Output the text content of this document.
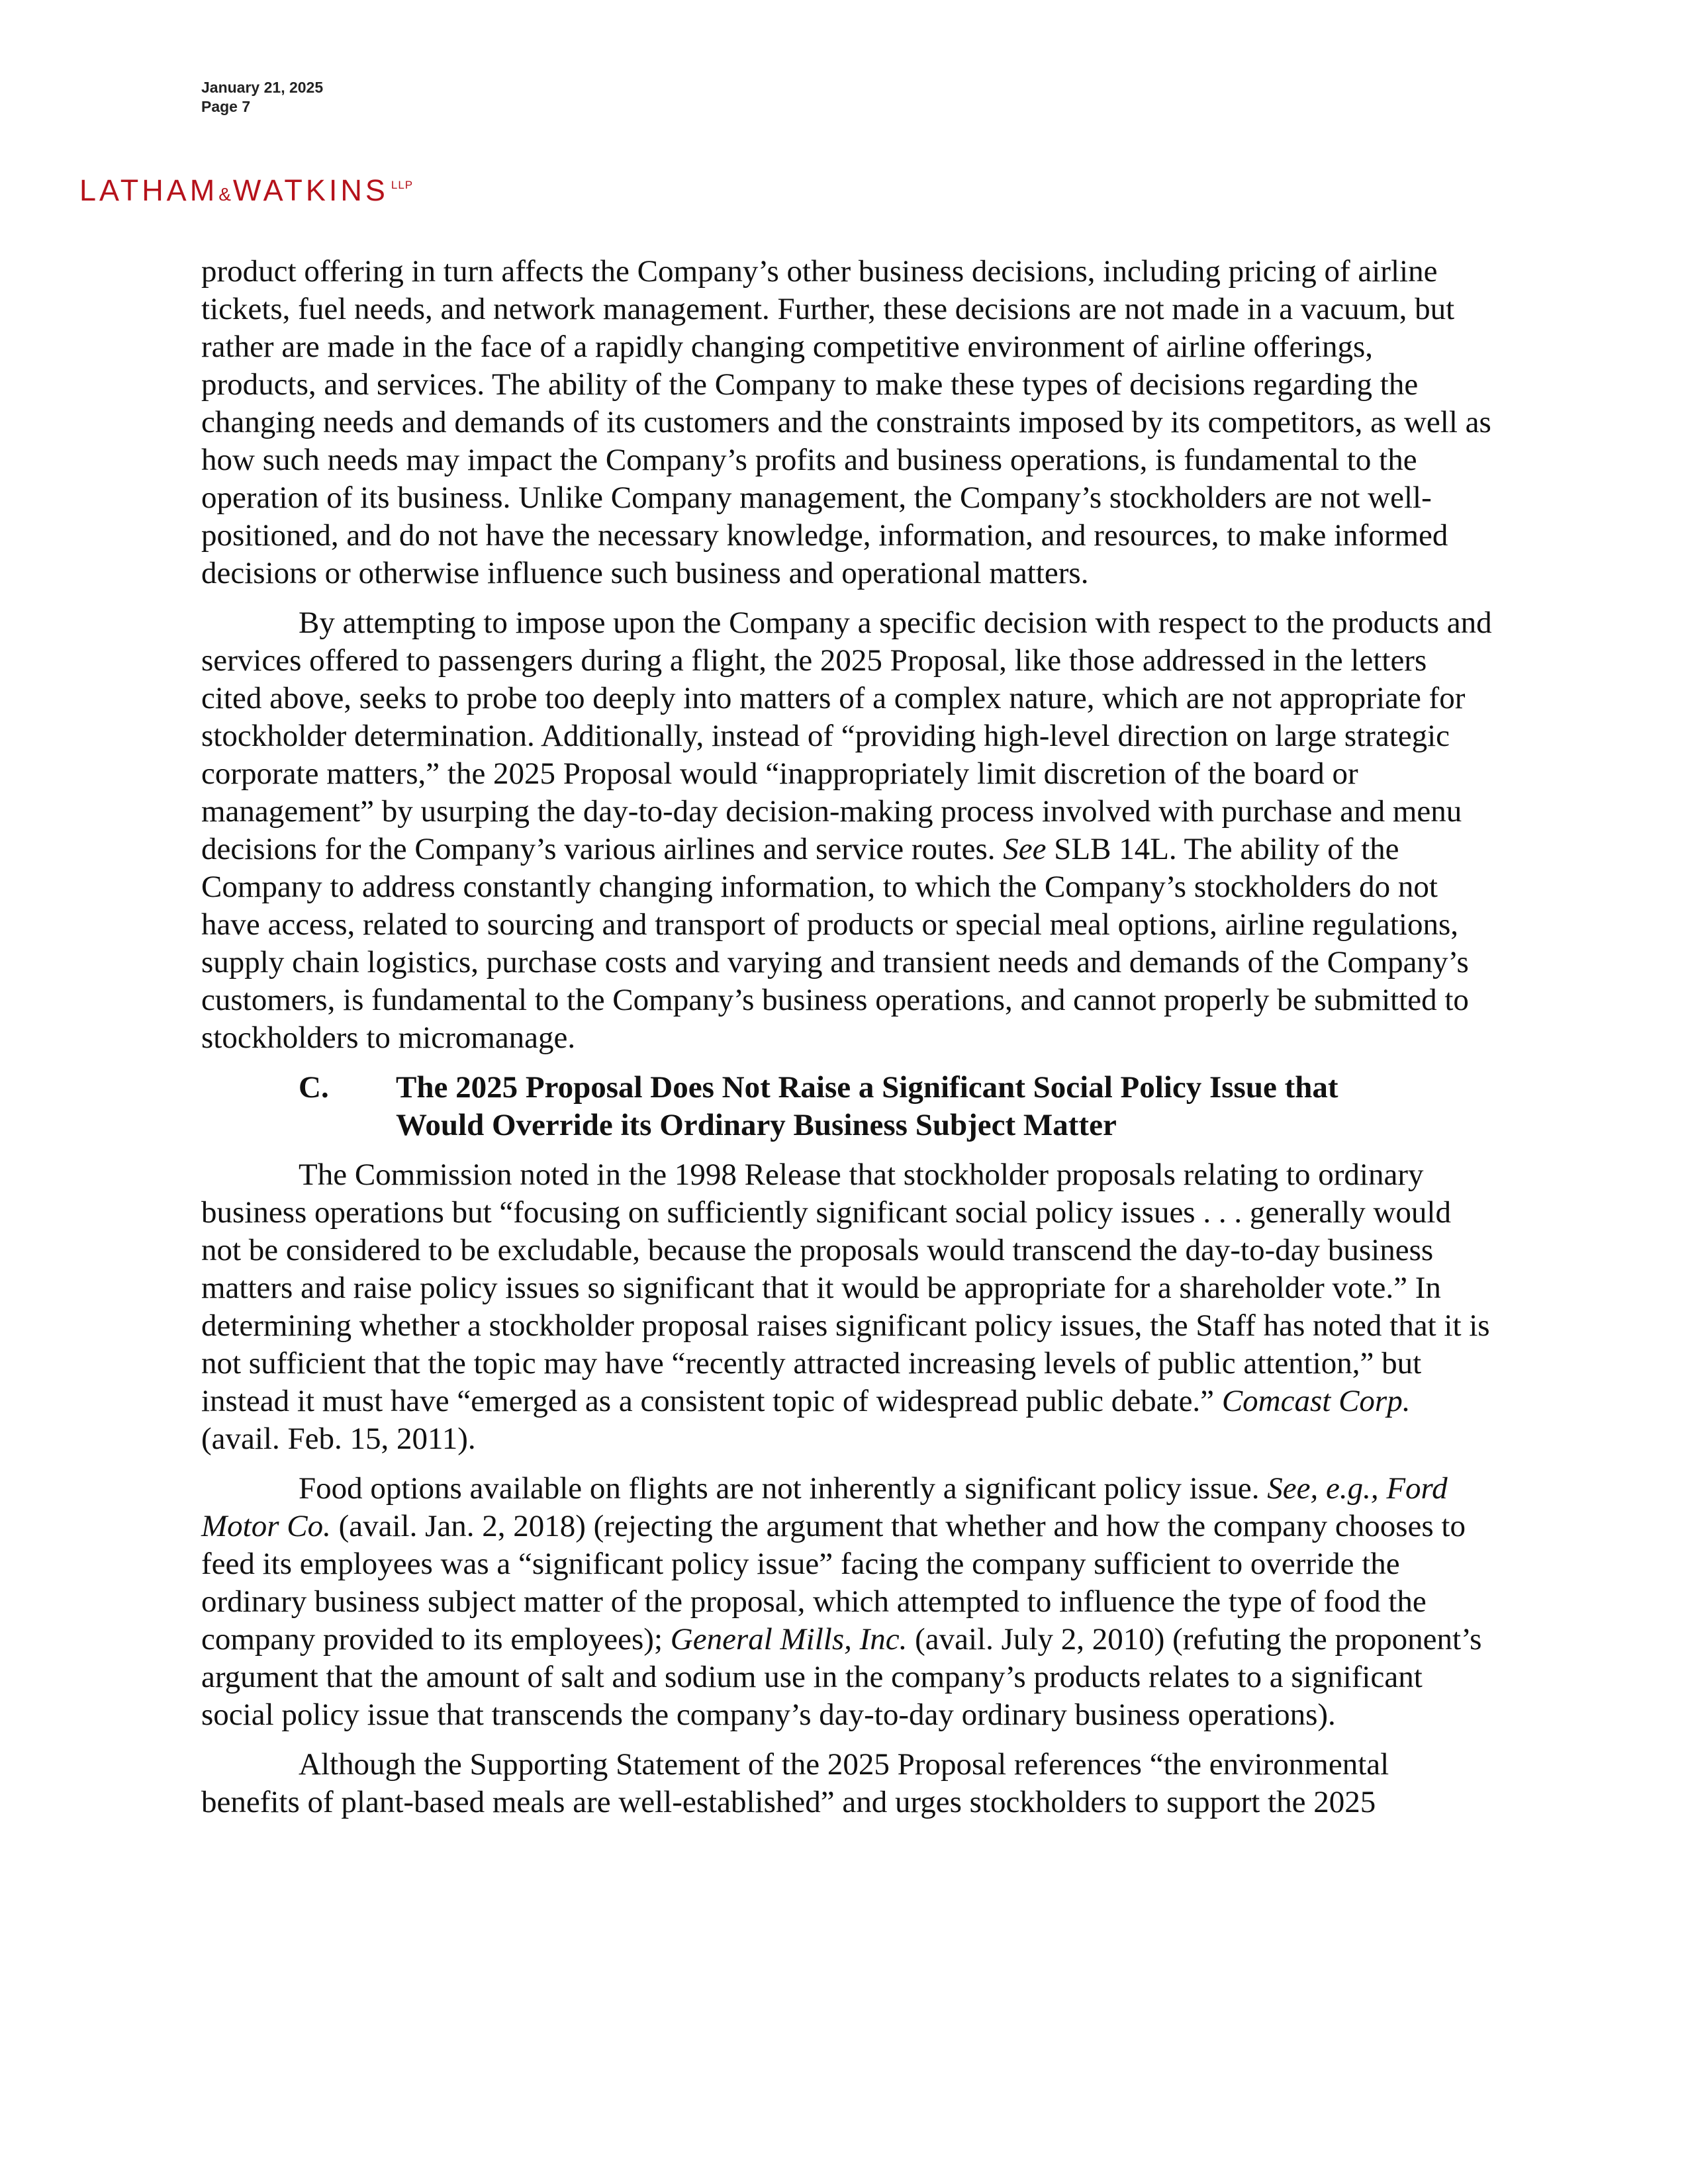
January 21, 2025
Page 7
LATHAM & WATKINS LLP

product offering in turn affects the Company’s other business decisions, including pricing of airline tickets, fuel needs, and network management. Further, these decisions are not made in a vacuum, but rather are made in the face of a rapidly changing competitive environment of airline offerings, products, and services. The ability of the Company to make these types of decisions regarding the changing needs and demands of its customers and the constraints imposed by its competitors, as well as how such needs may impact the Company’s profits and business operations, is fundamental to the operation of its business. Unlike Company management, the Company’s stockholders are not well-positioned, and do not have the necessary knowledge, information, and resources, to make informed decisions or otherwise influence such business and operational matters.

By attempting to impose upon the Company a specific decision with respect to the products and services offered to passengers during a flight, the 2025 Proposal, like those addressed in the letters cited above, seeks to probe too deeply into matters of a complex nature, which are not appropriate for stockholder determination. Additionally, instead of “providing high-level direction on large strategic corporate matters,” the 2025 Proposal would “inappropriately limit discretion of the board or management” by usurping the day-to-day decision-making process involved with purchase and menu decisions for the Company’s various airlines and service routes. See SLB 14L. The ability of the Company to address constantly changing information, to which the Company’s stockholders do not have access, related to sourcing and transport of products or special meal options, airline regulations, supply chain logistics, purchase costs and varying and transient needs and demands of the Company’s customers, is fundamental to the Company’s business operations, and cannot properly be submitted to stockholders to micromanage.

C.	The 2025 Proposal Does Not Raise a Significant Social Policy Issue that Would Override its Ordinary Business Subject Matter

The Commission noted in the 1998 Release that stockholder proposals relating to ordinary business operations but “focusing on sufficiently significant social policy issues . . . generally would not be considered to be excludable, because the proposals would transcend the day-to-day business matters and raise policy issues so significant that it would be appropriate for a shareholder vote.” In determining whether a stockholder proposal raises significant policy issues, the Staff has noted that it is not sufficient that the topic may have “recently attracted increasing levels of public attention,” but instead it must have “emerged as a consistent topic of widespread public debate.” Comcast Corp. (avail. Feb. 15, 2011).

Food options available on flights are not inherently a significant policy issue. See, e.g., Ford Motor Co. (avail. Jan. 2, 2018) (rejecting the argument that whether and how the company chooses to feed its employees was a “significant policy issue” facing the company sufficient to override the ordinary business subject matter of the proposal, which attempted to influence the type of food the company provided to its employees); General Mills, Inc. (avail. July 2, 2010) (refuting the proponent’s argument that the amount of salt and sodium use in the company’s products relates to a significant social policy issue that transcends the company’s day-to-day ordinary business operations).

Although the Supporting Statement of the 2025 Proposal references “the environmental benefits of plant-based meals are well-established” and urges stockholders to support the 2025
